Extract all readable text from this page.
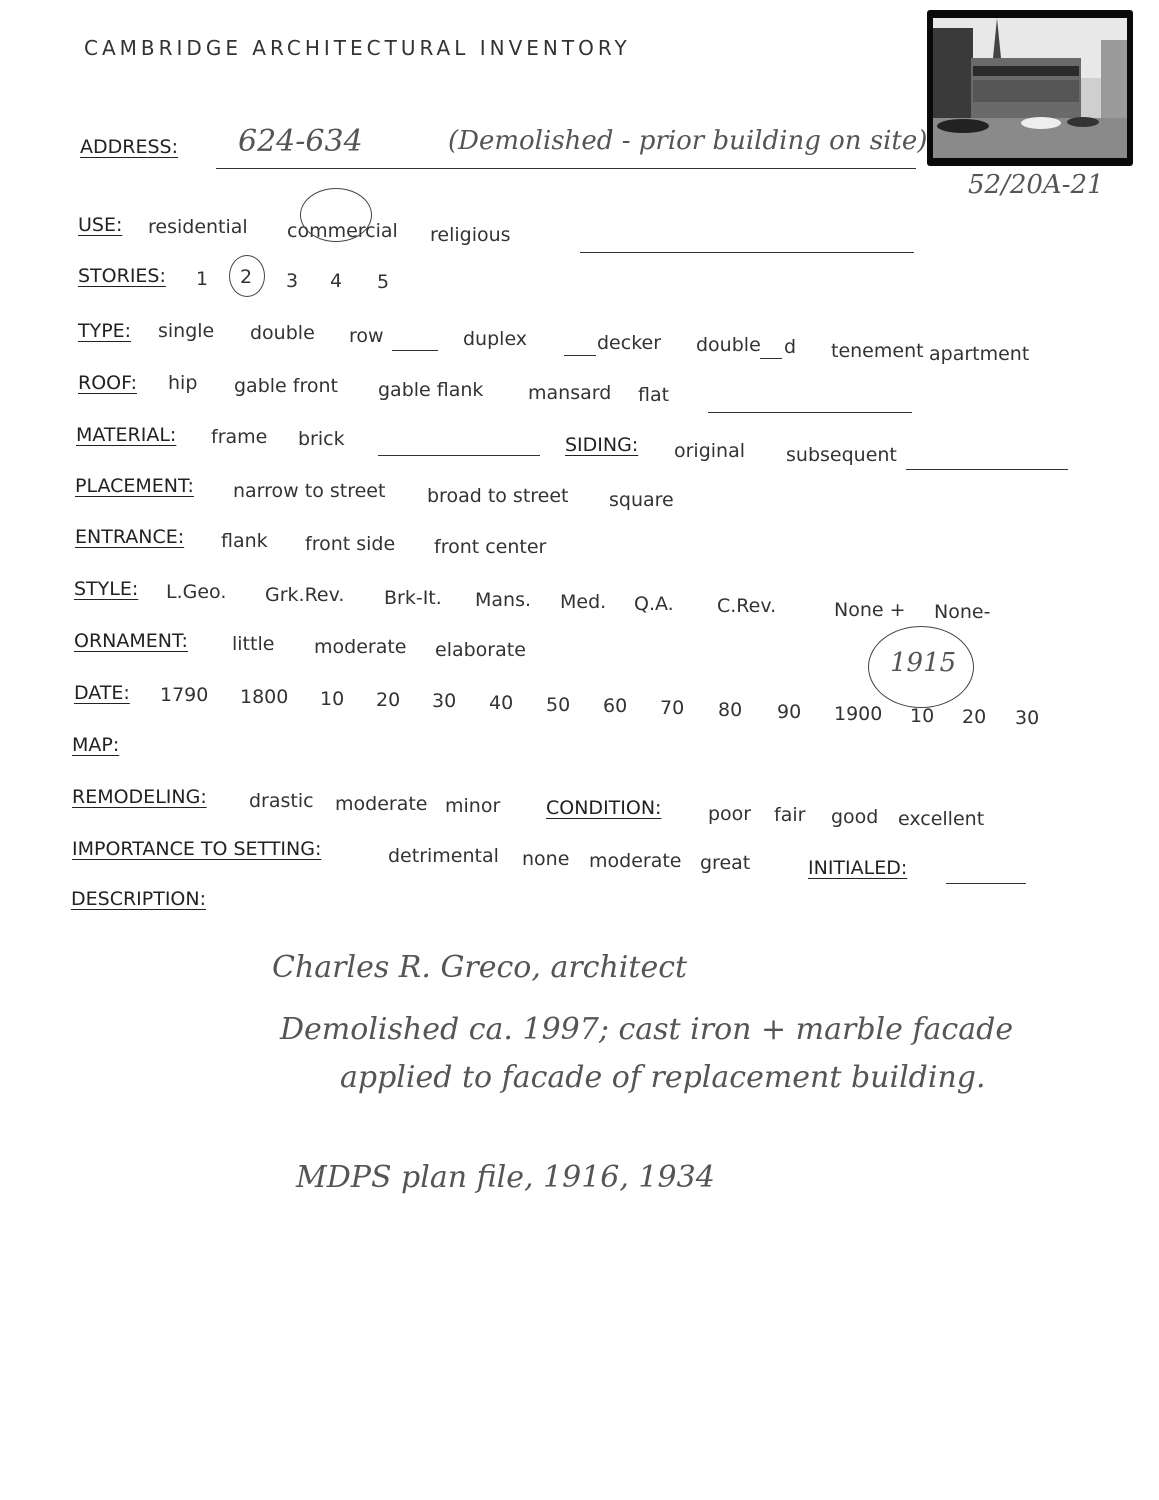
CAMBRIDGE ARCHITECTURAL INVENTORY
52/20A-21
ADDRESS: 624-634	(Demolished - prior building on site)
USE: residential commercial religious
STORIES: 1 2 3 4 5
TYPE: single double row	duplex	decker double d tenement apartment
ROOF: hip gable front gable flank mansard flat
MATERIAL: frame brick	SIDING: original subsequent
PLACEMENT: narrow to street broad to street square
ENTRANCE: flank front side front center
STYLE: L.Geo. Grk.Rev. Brk-It. Mans. Med. Q.A. C.Rev.	None + None-
ORNAMENT: little moderate elaborate
DATE: 1790 1800 10 20 30 40 50 60 70 80 90 1900 10 20 30
1915
MAP:
REMODELING: drastic moderate minor CONDITION: poor fair good excellent
IMPORTANCE TO SETTING:	detrimental none moderate great	INITIALED:
DESCRIPTION:
Charles R. Greco, architect
Demolished ca. 1997; cast iron + marble facade
applied to facade of replacement building.
MDPS plan file, 1916, 1934
